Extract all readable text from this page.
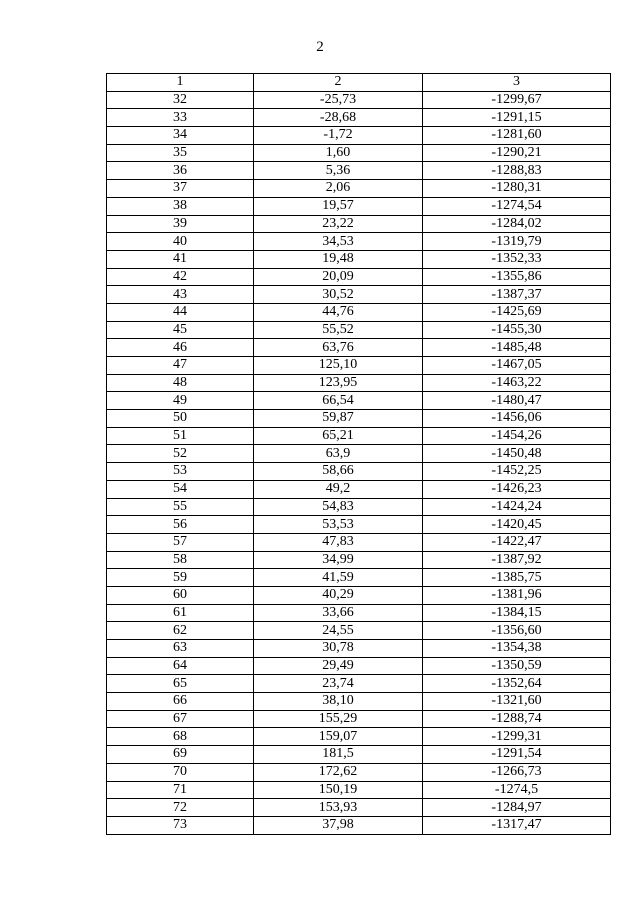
2
1	2	3
32	-25,73	-1299,67
33	-28,68	-1291,15
34	-1,72	-1281,60
35	1,60	-1290,21
36	5,36	-1288,83
37	2,06	-1280,31
38	19,57	-1274,54
39	23,22	-1284,02
40	34,53	-1319,79
41	19,48	-1352,33
42	20,09	-1355,86
43	30,52	-1387,37
44	44,76	-1425,69
45	55,52	-1455,30
46	63,76	-1485,48
47	125,10	-1467,05
48	123,95	-1463,22
49	66,54	-1480,47
50	59,87	-1456,06
51	65,21	-1454,26
52	63,9	-1450,48
53	58,66	-1452,25
54	49,2	-1426,23
55	54,83	-1424,24
56	53,53	-1420,45
57	47,83	-1422,47
58	34,99	-1387,92
59	41,59	-1385,75
60	40,29	-1381,96
61	33,66	-1384,15
62	24,55	-1356,60
63	30,78	-1354,38
64	29,49	-1350,59
65	23,74	-1352,64
66	38,10	-1321,60
67	155,29	-1288,74
68	159,07	-1299,31
69	181,5	-1291,54
70	172,62	-1266,73
71	150,19	-1274,5
72	153,93	-1284,97
73	37,98	-1317,47
